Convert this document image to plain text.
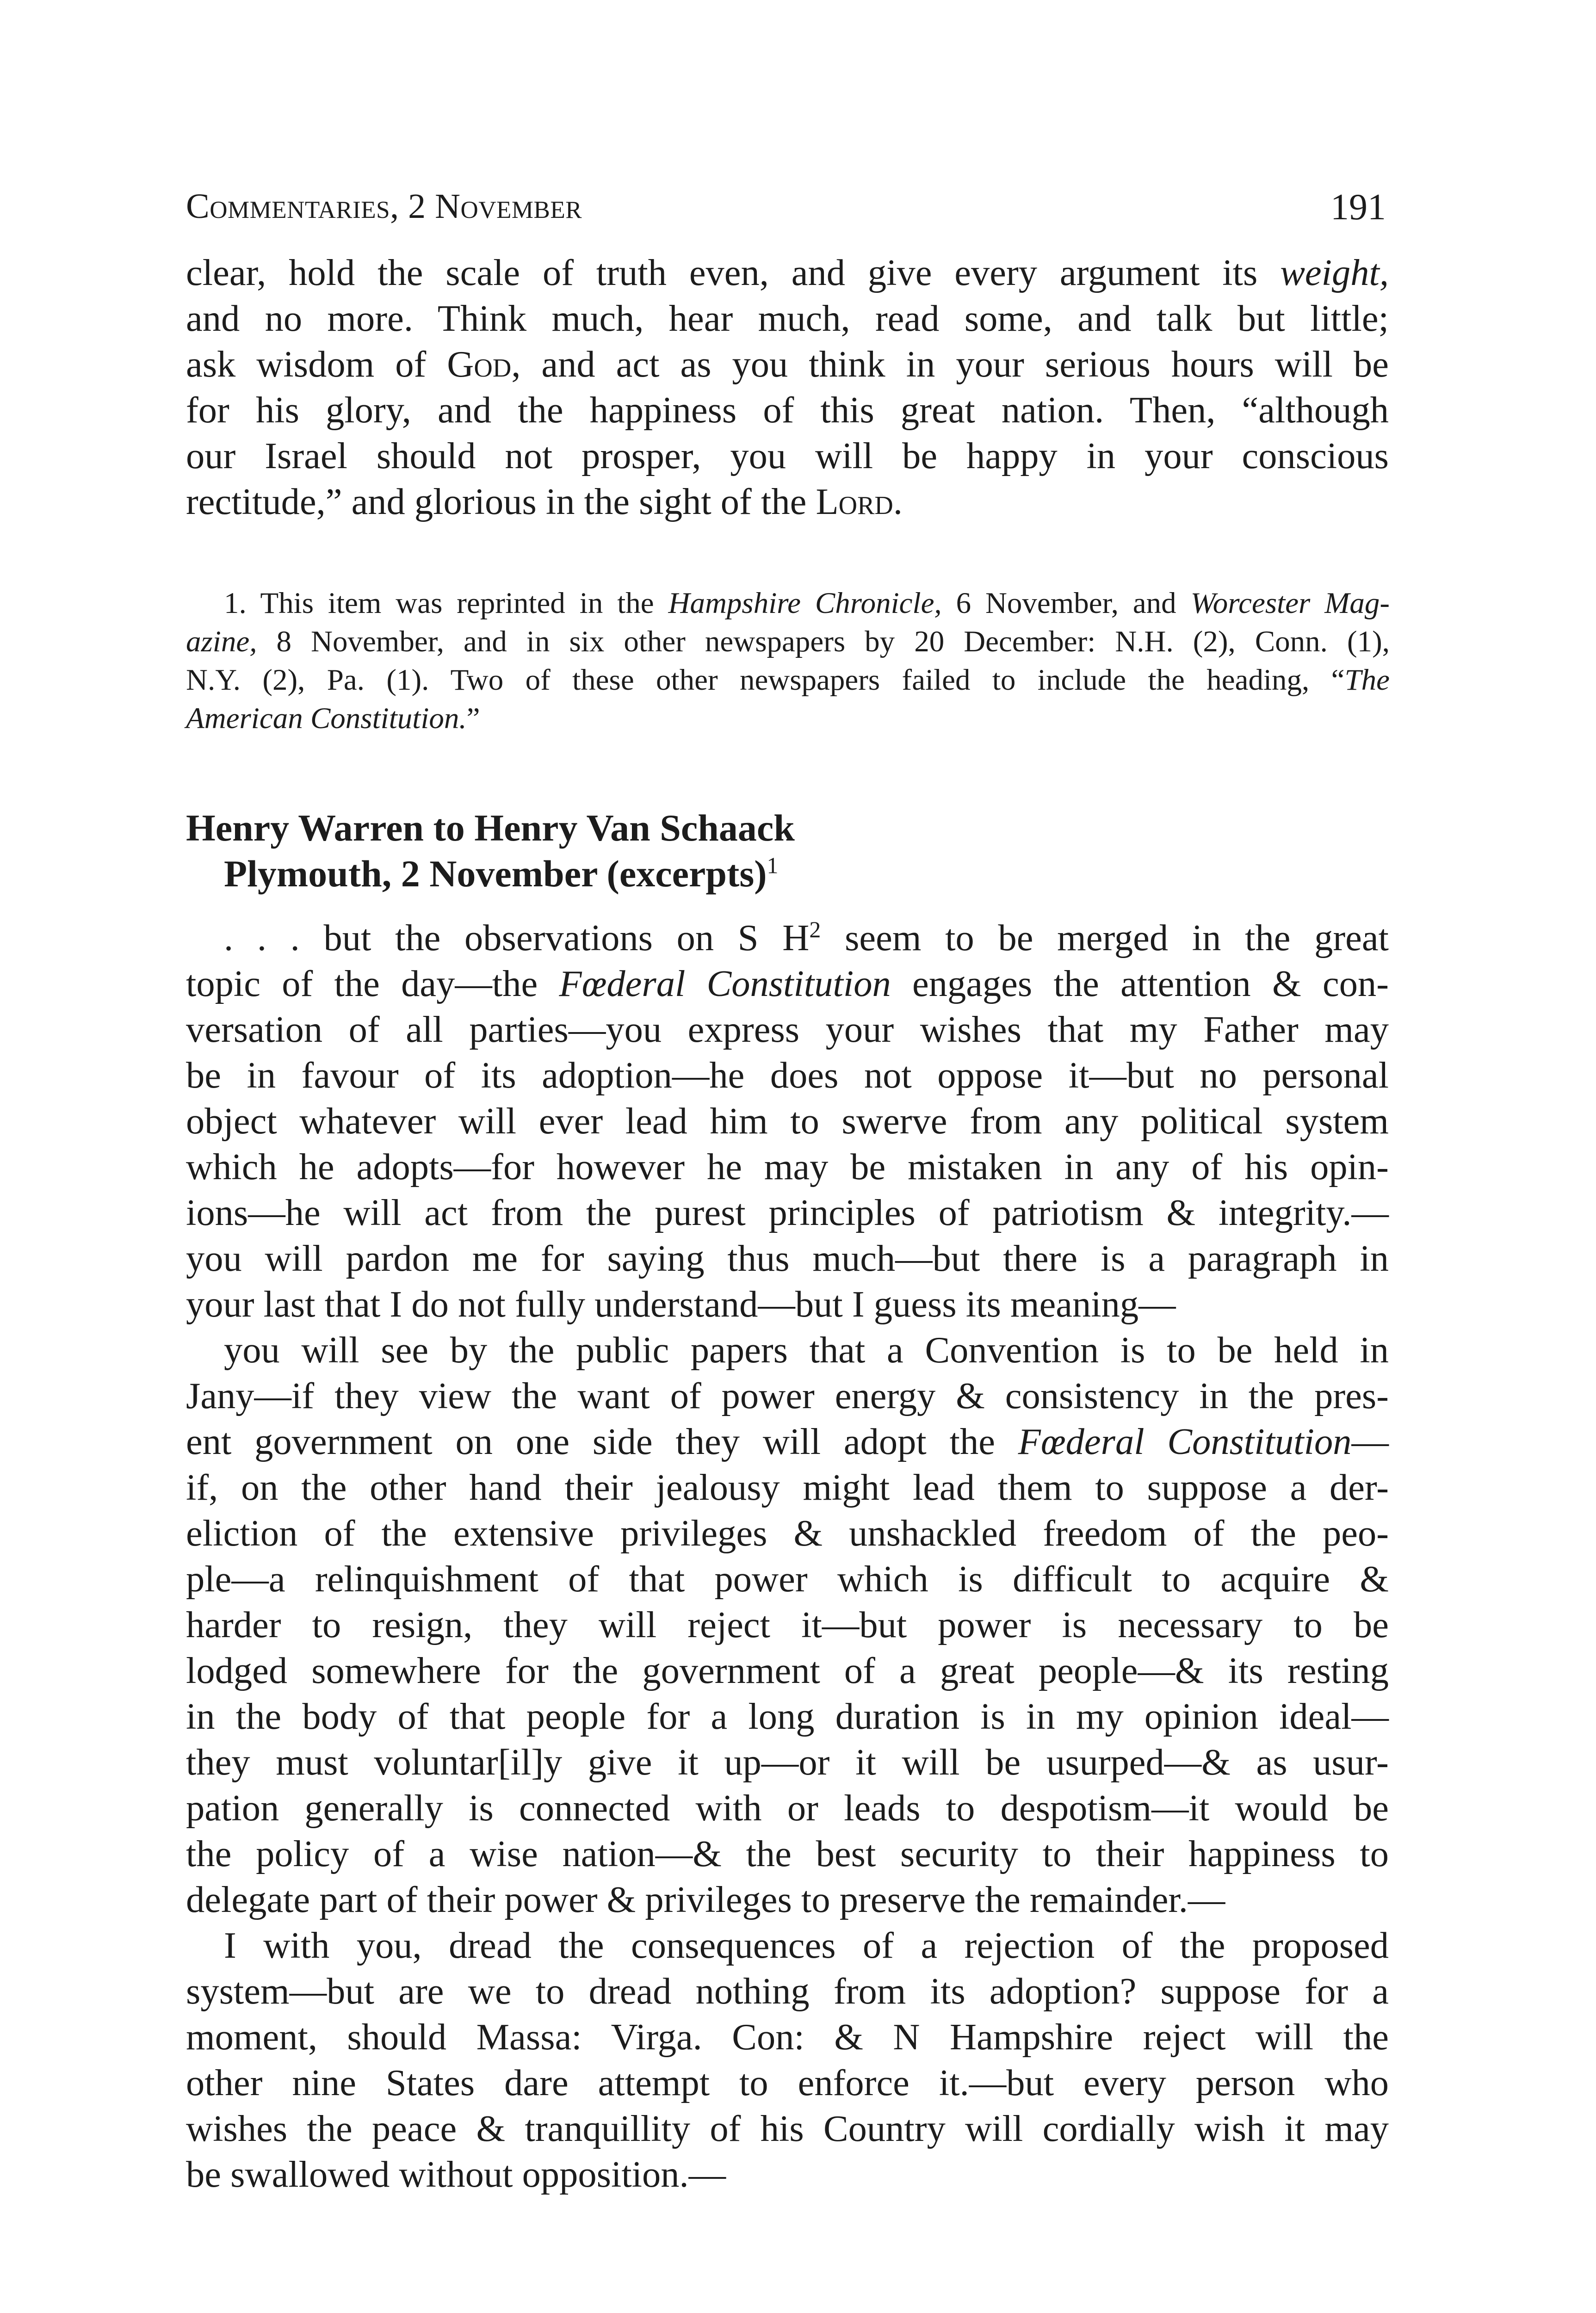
Commentaries, 2 November	191
clear, hold the scale of truth even, and give every argument its weight,
and no more. Think much, hear much, read some, and talk but little;
ask wisdom of God, and act as you think in your serious hours will be
for his glory, and the happiness of this great nation. Then, “although
our Israel should not prosper, you will be happy in your conscious
rectitude,” and glorious in the sight of the Lord.
1. This item was reprinted in the Hampshire Chronicle, 6 November, and Worcester Mag-
azine, 8 November, and in six other newspapers by 20 December: N.H. (2), Conn. (1),
N.Y. (2), Pa. (1). Two of these other newspapers failed to include the heading, “The
American Constitution.”
Henry Warren to Henry Van Schaack
Plymouth, 2 November (excerpts)$^1$
. . . but the observations on S $H^2$ seem to be merged in the great
topic of the day—the Fœderal Constitution engages the attention & con-
versation of all parties—you express your wishes that my Father may
be in favour of its adoption—he does not oppose it—but no personal
object whatever will ever lead him to swerve from any political system
which he adopts—for however he may be mistaken in any of his opin-
ions—he will act from the purest principles of patriotism & integrity.—
you will pardon me for saying thus much—but there is a paragraph in
your last that I do not fully understand—but I guess its meaning—
you will see by the public papers that a Convention is to be held in
Jany—if they view the want of power energy & consistency in the pres-
ent government on one side they will adopt the Fœderal Constitution—
if, on the other hand their jealousy might lead them to suppose a der-
eliction of the extensive privileges & unshackled freedom of the peo-
ple—a relinquishment of that power which is difficult to acquire &
harder to resign, they will reject it—but power is necessary to be
lodged somewhere for the government of a great people—& its resting
in the body of that people for a long duration is in my opinion ideal—
they must voluntar[il]y give it up—or it will be usurped—& as usur-
pation generally is connected with or leads to despotism—it would be
the policy of a wise nation—& the best security to their happiness to
delegate part of their power & privileges to preserve the remainder.—
I with you, dread the consequences of a rejection of the proposed
system—but are we to dread nothing from its adoption? suppose for a
moment, should Massa: Virga. Con: & N Hampshire reject will the
other nine States dare attempt to enforce it.—but every person who
wishes the peace & tranquillity of his Country will cordially wish it may
be swallowed without opposition.—
